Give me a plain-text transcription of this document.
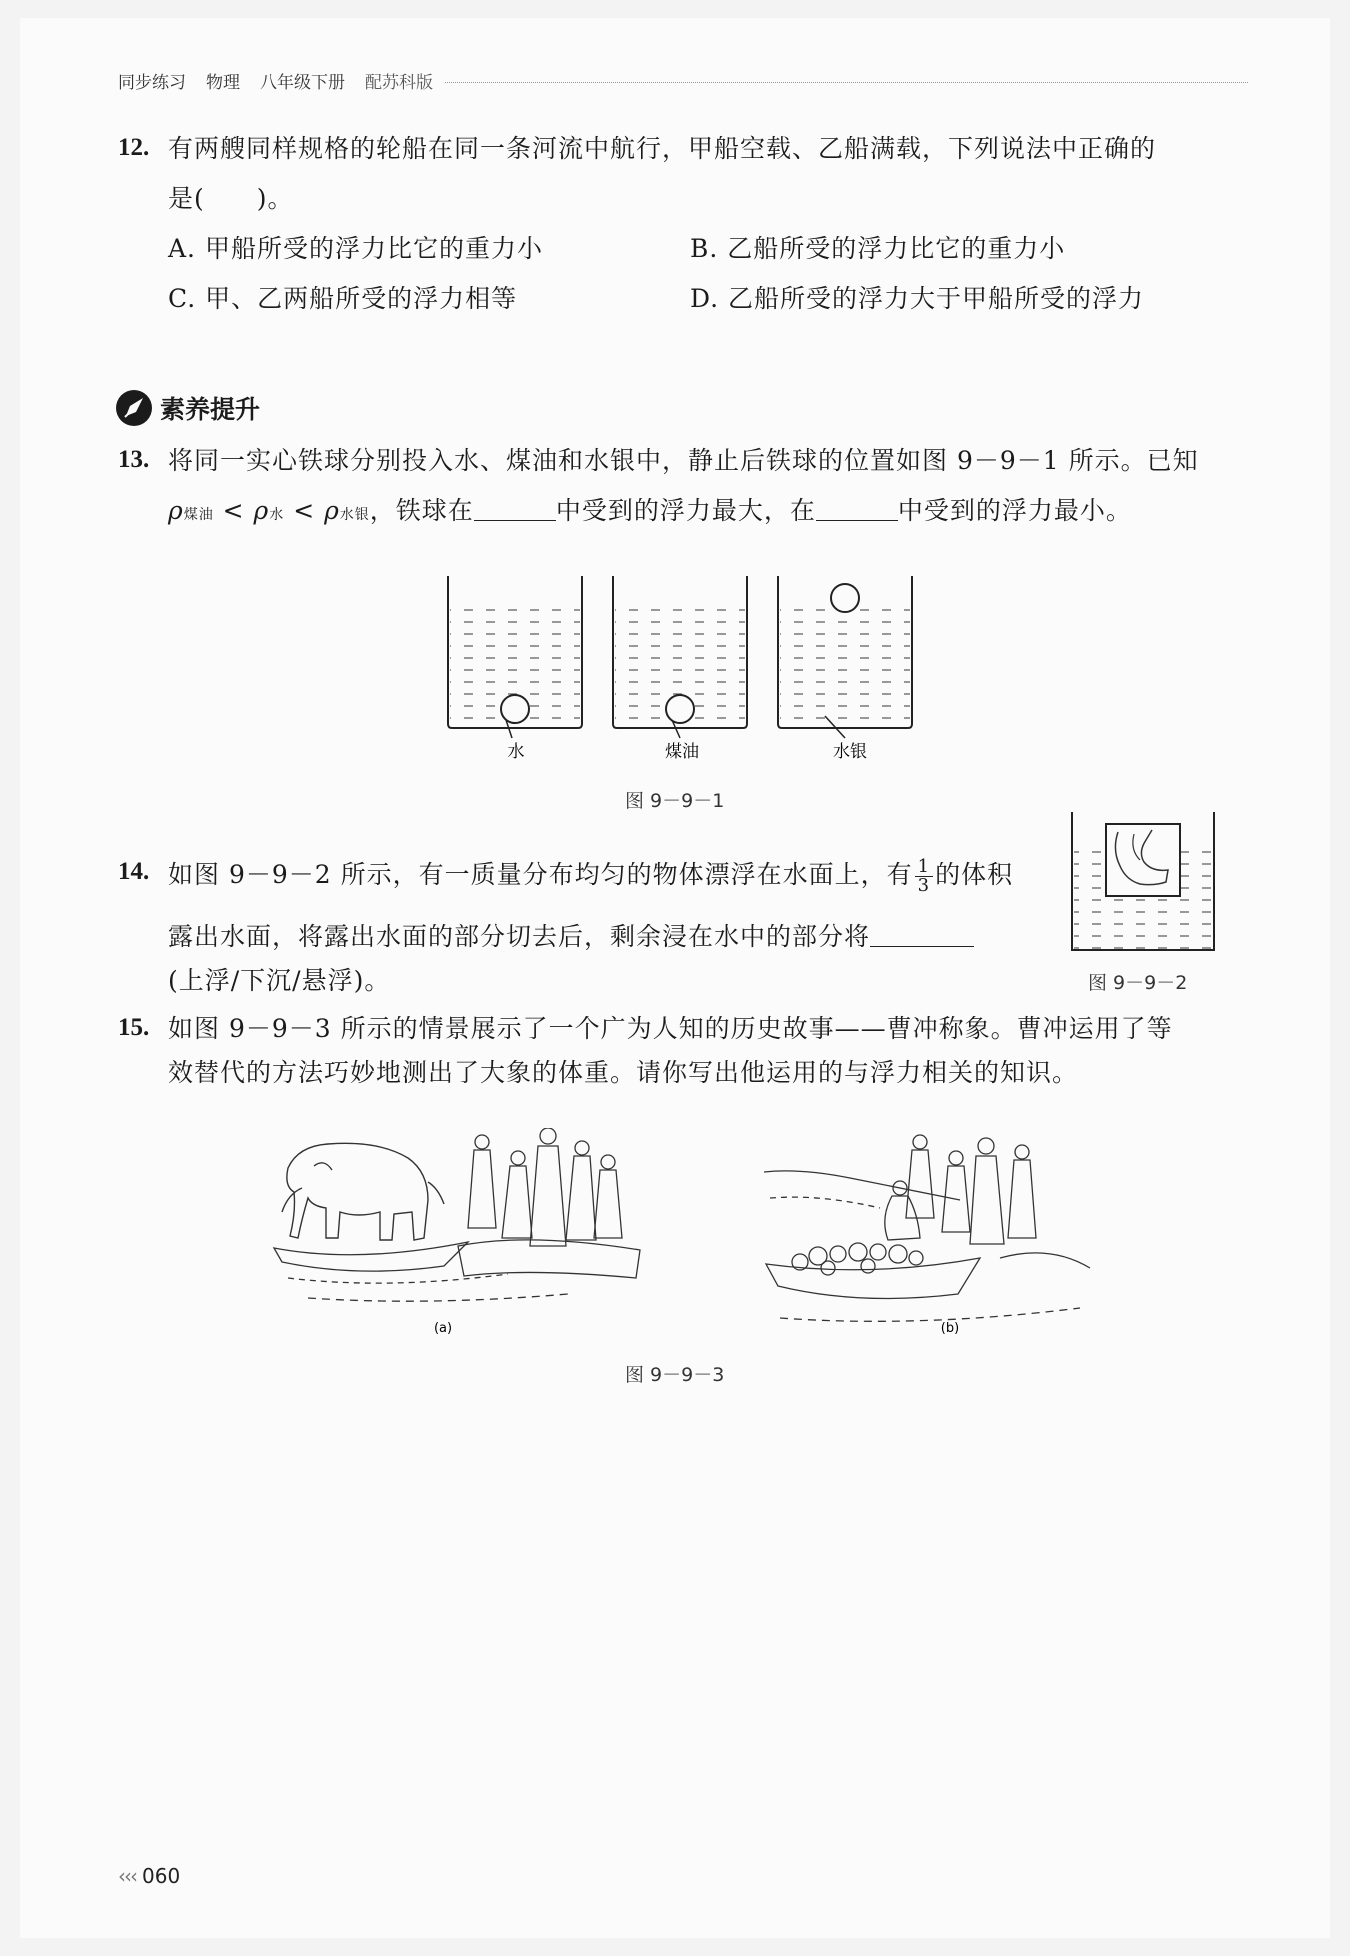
同步练习 物理 八年级下册 配苏科版
12. 有两艘同样规格的轮船在同一条河流中航行，甲船空载、乙船满载，下列说法中正确的
是(　　)。
A. 甲船所受的浮力比它的重力小	B. 乙船所受的浮力比它的重力小
C. 甲、乙两船所受的浮力相等	D. 乙船所受的浮力大于甲船所受的浮力
素养提升
13. 将同一实心铁球分别投入水、煤油和水银中，静止后铁球的位置如图 9－9－1 所示。已知
ρ煤油 < ρ水 < ρ水银，铁球在	中受到的浮力最大，在	中受到的浮力最小。
水	煤油	水银
图 9－9－1
14. 如图 9－9－2 所示，有一质量分布均匀的物体漂浮在水面上，有 $\frac{1}{3}$ 的体积
露出水面，将露出水面的部分切去后，剩余浸在水中的部分将
(上浮/下沉/悬浮)。	图 9－9－2
15. 如图 9－9－3 所示的情景展示了一个广为人知的历史故事——曹冲称象。曹冲运用了等
效替代的方法巧妙地测出了大象的体重。请你写出他运用的与浮力相关的知识。
(a)	(b)
图 9－9－3
‹‹‹ 060
